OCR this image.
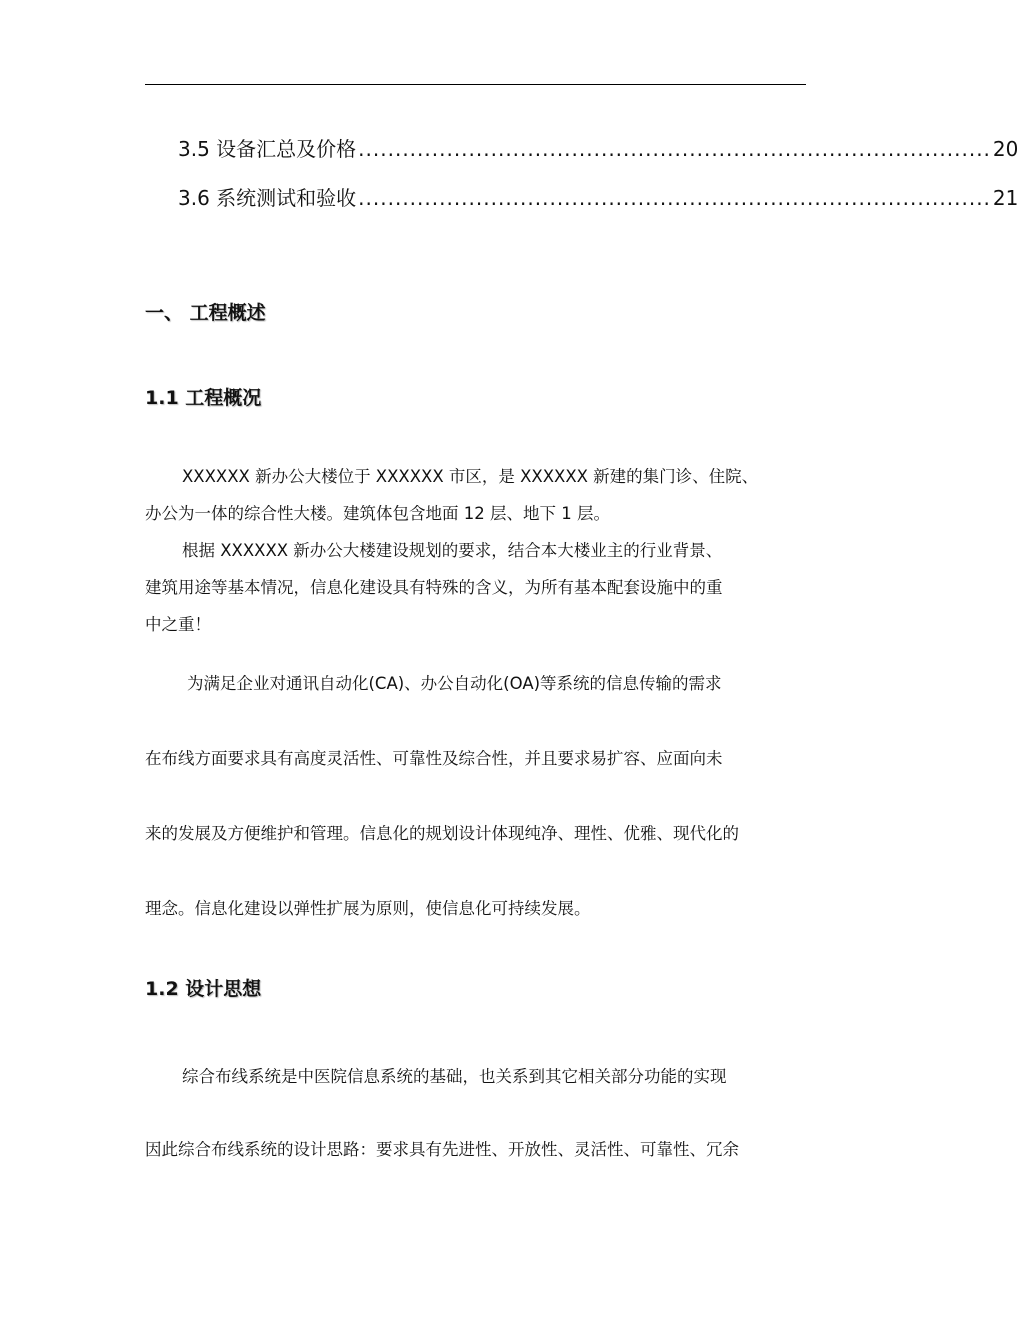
3.5 设备汇总及价格 ...................................................................................... 20
3.6 系统测试和验收 ...................................................................................... 21
一、 工程概述
1.1 工程概况
XXXXXX 新办公大楼位于 XXXXXX 市区，是 XXXXXX 新建的集门诊、住院、
办公为一体的综合性大楼。建筑体包含地面 12 层、地下 1 层。
根据 XXXXXX 新办公大楼建设规划的要求，结合本大楼业主的行业背景、
建筑用途等基本情况，信息化建设具有特殊的含义，为所有基本配套设施中的重
中之重！
为满足企业对通讯自动化(CA)、办公自动化(OA)等系统的信息传输的需求
在布线方面要求具有高度灵活性、可靠性及综合性，并且要求易扩容、应面向未
来的发展及方便维护和管理。信息化的规划设计体现纯净、理性、优雅、现代化的
理念。信息化建设以弹性扩展为原则，使信息化可持续发展。
1.2 设计思想
综合布线系统是中医院信息系统的基础，也关系到其它相关部分功能的实现
因此综合布线系统的设计思路：要求具有先进性、开放性、灵活性、可靠性、冗余
